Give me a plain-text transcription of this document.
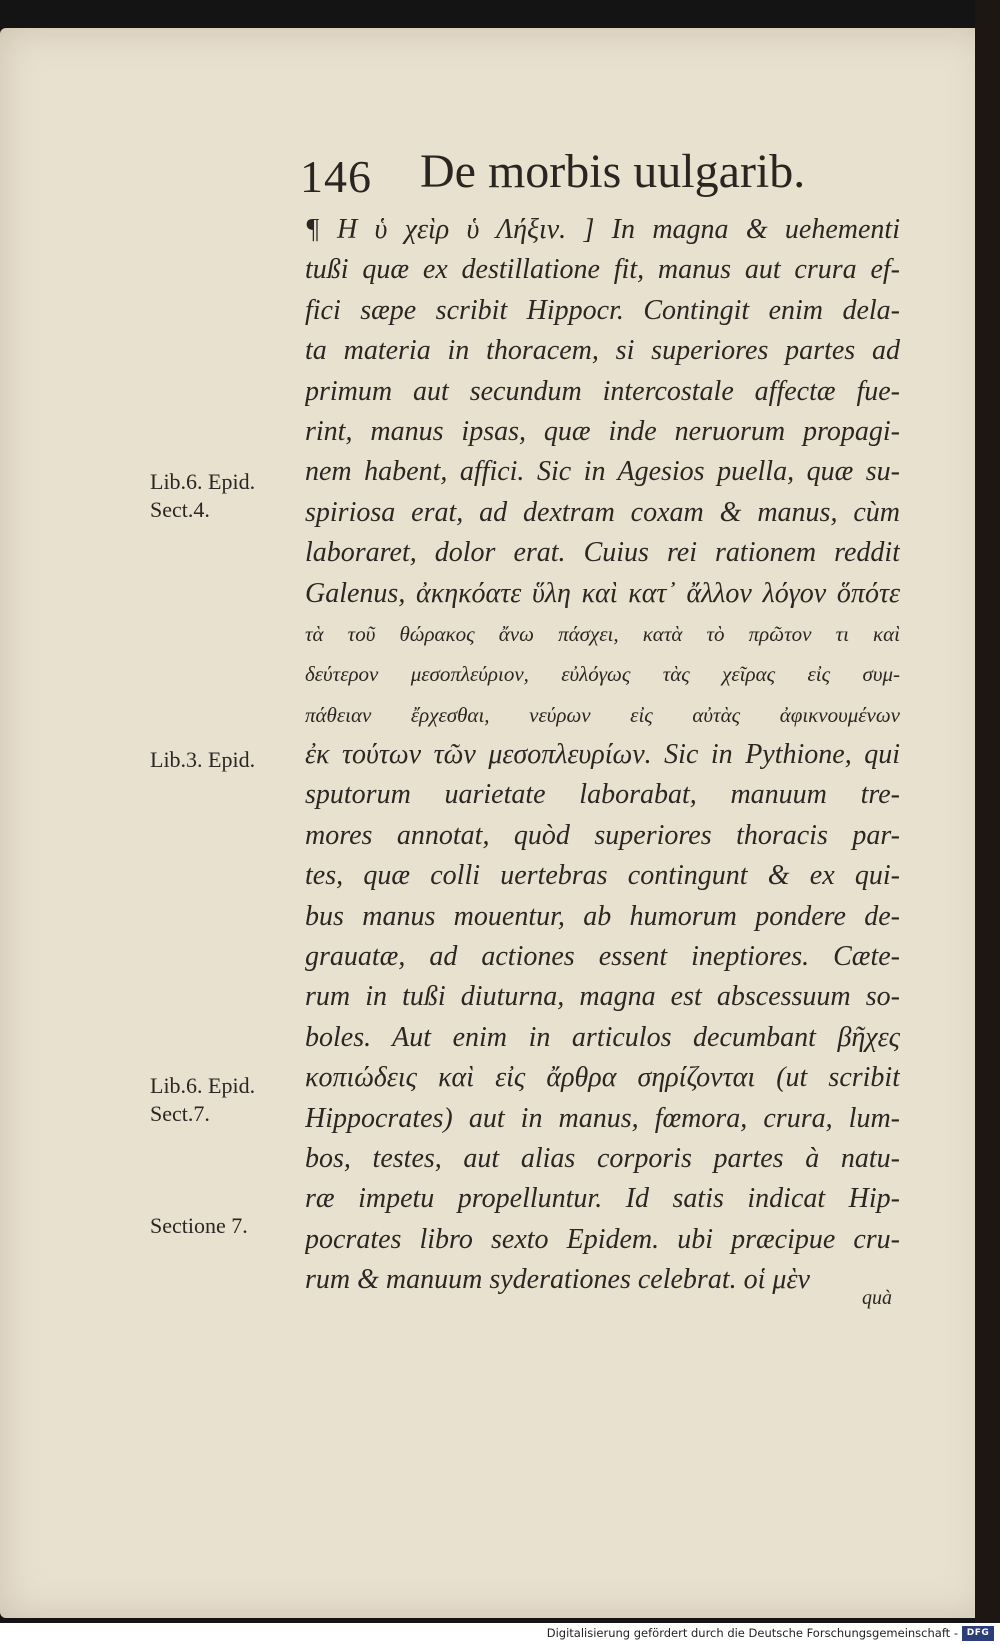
146 De morbis uulgarib.
¶ Η ὑ χεὶρ ὑ Λήξιν. ] In magna & uehementi
tußi quæ ex destillatione fit, manus aut crura ef-
fici sæpe scribit Hippocr. Contingit enim dela-
ta materia in thoracem, si superiores partes ad
primum aut secundum intercostale affectæ fue-
rint, manus ipsas, quæ inde neruorum propagi-
nem habent, affici. Sic in Agesios puella, quæ su-
spiriosa erat, ad dextram coxam & manus, cùm
laboraret, dolor erat. Cuius rei rationem reddit
Galenus, ἀκηκόατε ὕλη καὶ κατ᾽ ἄλλον λόγον ὅπότε
τὰ τοῦ θώρακος ἄνω πάσχει, κατὰ τὸ πρῶτον τι καὶ
δεύτερον μεσοπλεύριον, εὐλόγως τὰς χεῖρας εἰς συμ-
πάθειαν ἔρχεσθαι, νεύρων εἰς αὐτὰς ἀφικνουμένων
ἐκ τούτων τῶν μεσοπλευρίων. Sic in Pythione, qui
sputorum uarietate laborabat, manuum tre-
mores annotat, quòd superiores thoracis par-
tes, quæ colli uertebras contingunt & ex qui-
bus manus mouentur, ab humorum pondere de-
grauatæ, ad actiones essent ineptiores. Cæte-
rum in tußi diuturna, magna est abscessuum so-
boles. Aut enim in articulos decumbant βῆχες
κοπιώδεις καὶ εἰς ἄρθρα σηρίζονται (ut scribit
Hippocrates) aut in manus, fœmora, crura, lum-
bos, testes, aut alias corporis partes à natu-
ræ impetu propelluntur. Id satis indicat Hip-
pocrates libro sexto Epidem. ubi præcipue cru-
rum & manuum syderationes celebrat. οἱ μὲν
quà
Lib.6. Epid.
Sect.4.
Lib.3. Epid.
Lib.6. Epid.
Sect.7.
Sectione 7.
Digitalisierung gefördert durch die Deutsche Forschungsgemeinschaft - DFG
